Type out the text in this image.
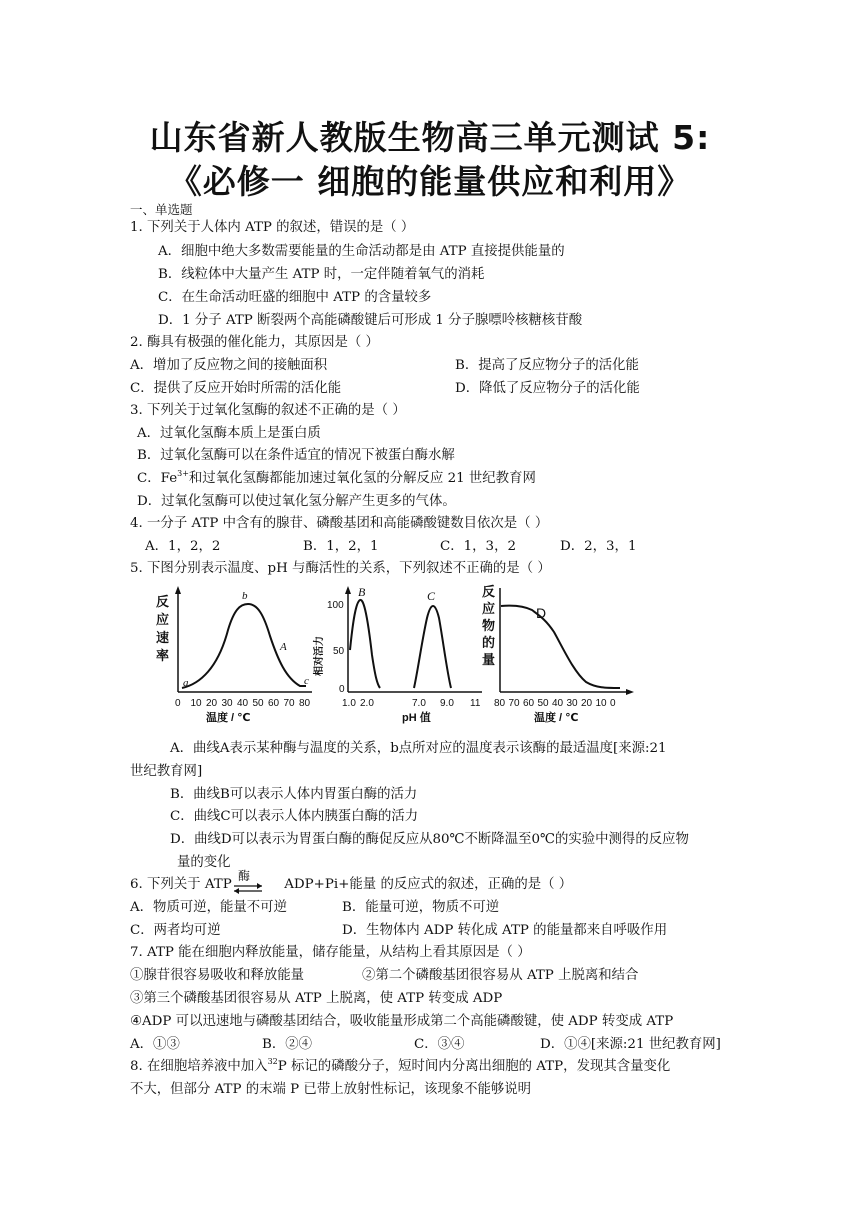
山东省新人教版生物高三单元测试 5:
《必修一 细胞的能量供应和利用》
一、单选题
1. 下列关于人体内 ATP 的叙述，错误的是（ ）
A．细胞中绝大多数需要能量的生命活动都是由 ATP 直接提供能量的
B．线粒体中大量产生 ATP 时，一定伴随着氧气的消耗
C．在生命活动旺盛的细胞中 ATP 的含量较多
D．1 分子 ATP 断裂两个高能磷酸键后可形成 1 分子腺嘌呤核糖核苷酸
2. 酶具有极强的催化能力，其原因是（ ）
A．增加了反应物之间的接触面积	B．提高了反应物分子的活化能
C．提供了反应开始时所需的活化能	D．降低了反应物分子的活化能
3. 下列关于过氧化氢酶的叙述不正确的是（ ）
A．过氧化氢酶本质上是蛋白质
B．过氧化氢酶可以在条件适宜的情况下被蛋白酶水解
C．$Fe^{3+}$和过氧化氢酶都能加速过氧化氢的分解反应 21 世纪教育网
D．过氧化氢酶可以使过氧化氢分解产生更多的气体。
4. 一分子 ATP 中含有的腺苷、磷酸基团和高能磷酸键数目依次是（ ）
A．1，2，2	B．1，2，1	C．1，3，2	D．2，3，1
5. 下图分别表示温度、pH 与酶活性的关系，下列叙述不正确的是（ ）
反
应
速
率
a
b
A
c
0 10 20 30 40 50 60 70 80
温度 / ℃
相对活力
100
50
0
B	C
1.0 2.0	7.0 9.0 11
pH 值
反
应
物
的
量
D
80 70 60 50 40 30 20 10 0
温度 / ℃
A．曲线A表示某种酶与温度的关系，b点所对应的温度表示该酶的最适温度[来源:21
世纪教育网]
B．曲线B可以表示人体内胃蛋白酶的活力
C．曲线C可以表示人体内胰蛋白酶的活力
D．曲线D可以表示为胃蛋白酶的酶促反应从80℃不断降温至0℃的实验中测得的反应物
量的变化
6. 下列关于 ATP
酶
ADP+Pi+能量 的反应式的叙述，正确的是（ ）
A．物质可逆，能量不可逆	B．能量可逆，物质不可逆
C．两者均可逆	D．生物体内 ADP 转化成 ATP 的能量都来自呼吸作用
7. ATP 能在细胞内释放能量，储存能量，从结构上看其原因是（ ）
①腺苷很容易吸收和释放能量	②第二个磷酸基团很容易从 ATP 上脱离和结合
③第三个磷酸基团很容易从 ATP 上脱离，使 ATP 转变成 ADP
④ADP 可以迅速地与磷酸基团结合，吸收能量形成第二个高能磷酸键，使 ADP 转变成 ATP
A．①③	B．②④	C．③④	D．①④[来源:21 世纪教育网]
8. 在细胞培养液中加入$^{32}$P 标记的磷酸分子，短时间内分离出细胞的 ATP，发现其含量变化
不大，但部分 ATP 的末端 P 已带上放射性标记，该现象不能够说明
